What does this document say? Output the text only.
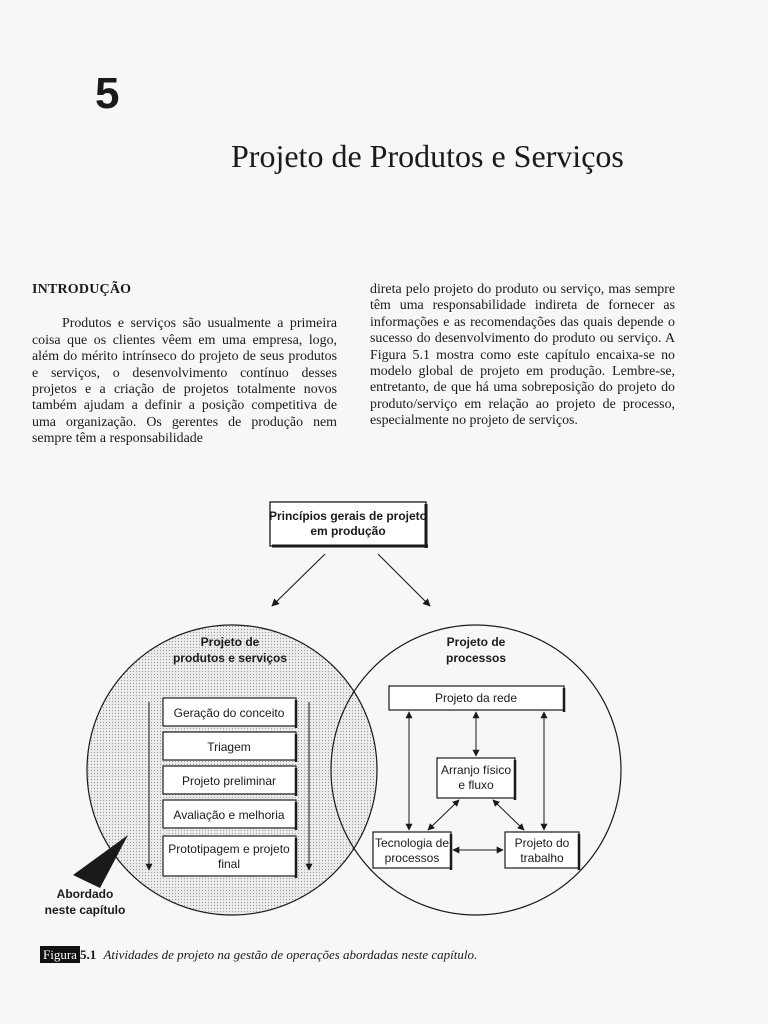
5
Projeto de Produtos e Serviços
INTRODUÇÃO

Produtos e serviços são usualmente a primeira coisa que os clientes vêem em uma empresa, logo, além do mérito intrínseco do projeto de seus produtos e serviços, o desenvolvimento contínuo desses projetos e a criação de projetos totalmente novos também ajudam a definir a posição competitiva de uma organização. Os gerentes de produção nem sempre têm a responsabilidade

direta pelo projeto do produto ou serviço, mas sempre têm uma responsabilidade indireta de fornecer as informações e as recomendações das quais depende o sucesso do desenvolvimento do produto ou serviço. A Figura 5.1 mostra como este capítulo encaixa-se no modelo global de projeto em produção. Lembre-se, entretanto, de que há uma sobreposição do projeto do produto/serviço em relação ao projeto de processo, especialmente no projeto de serviços.

Princípios gerais de projeto
em produção
Projeto de
produtos e serviços
Projeto de
processos
Geração do conceito
Triagem
Projeto preliminar
Avaliação e melhoria
Prototipagem e projeto
final
Projeto da rede
Arranjo físico
e fluxo
Tecnologia de
processos
Projeto do
trabalho
Abordado
neste capítulo
Figura 5.1 Atividades de projeto na gestão de operações abordadas neste capítulo.
